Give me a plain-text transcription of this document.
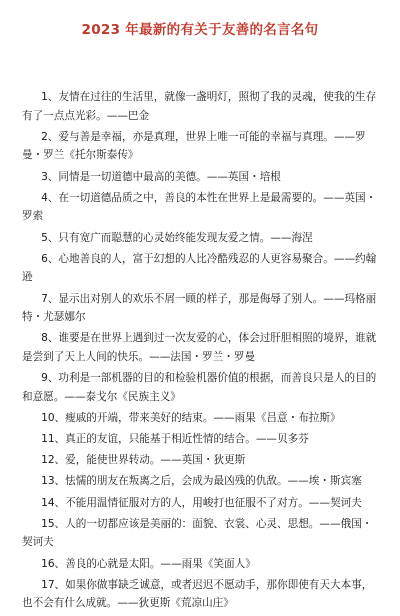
2023 年最新的有关于友善的名言名句

1、友情在过往的生活里，就像一盏明灯，照彻了我的灵魂，使我的生存有了一点点光彩。——巴金

2、爱与善是幸福，亦是真理，世界上唯一可能的幸福与真理。——罗曼・罗兰《托尔斯泰传》

3、同情是一切道德中最高的美德。——英国・培根

4、在一切道德品质之中，善良的本性在世界上是最需要的。——英国・罗索

5、只有宽广而聪慧的心灵始终能发现友爱之情。——海涅

6、心地善良的人，富于幻想的人比冷酷残忍的人更容易聚合。——约翰逊

7、显示出对别人的欢乐不屑一顾的样子，那是侮辱了别人。——玛格丽特・尤瑟娜尔

8、谁要是在世界上遇到过一次友爱的心，体会过肝胆相照的境界，谁就是尝到了天上人间的快乐。——法国・罗兰・罗曼

9、功利是一部机器的目的和检验机器价值的根据，而善良只是人的目的和意愿。——泰戈尔《民族主义》

10、瘦戚的开端，带来美好的结束。——雨果《吕意・布拉斯》

11、真正的友谊，只能基于相近性情的结合。——贝多芬

12、爱，能使世界转动。——英国・狄更斯

13、怯懦的朋友在叛离之后，会成为最凶残的仇敌。——埃・斯宾塞

14、不能用温情征服对方的人，用峻打也征服不了对方。——契诃夫

15、人的一切都应该是美丽的：面貌、衣裳、心灵、思想。——俄国・契诃夫

16、善良的心就是太阳。——雨果《笑面人》

17、如果你做事缺乏诚意，或者迟迟不愿动手，那你即使有天大本事，也不会有什么成就。——狄更斯《荒凉山庄》
